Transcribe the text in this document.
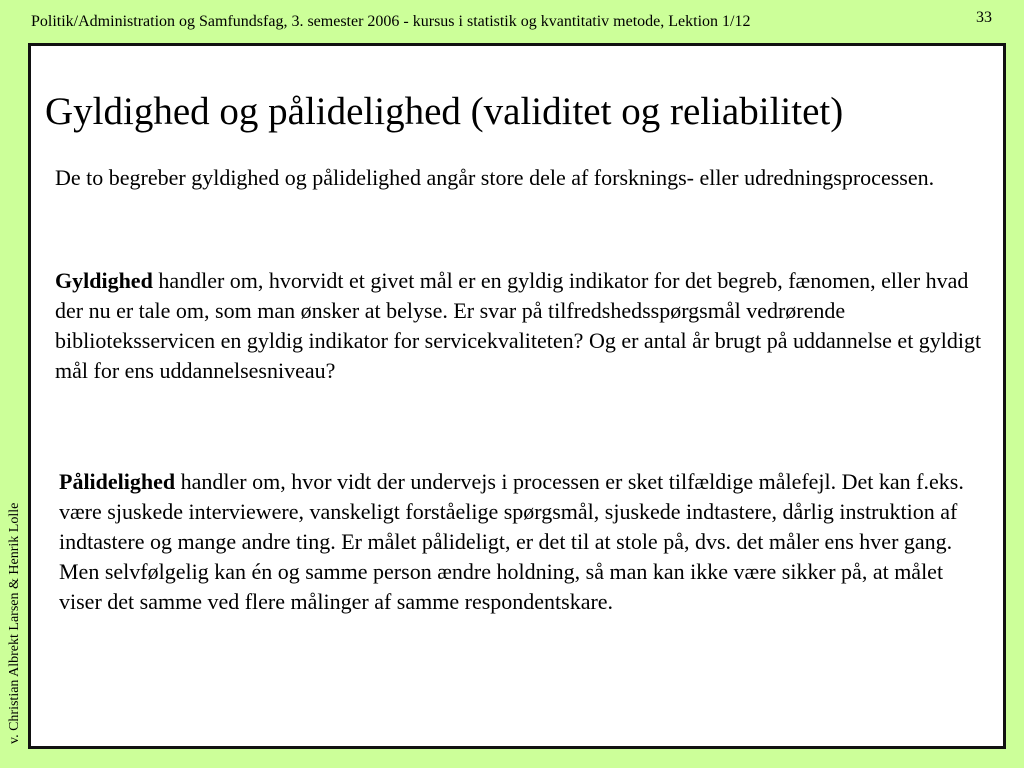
Politik/Administration og Samfundsfag, 3. semester 2006 - kursus i statistik og kvantitativ metode, Lektion 1/12	33
v. Christian Albrekt Larsen & Henrik Lolle
Gyldighed og pålidelighed (validitet og reliabilitet)

De to begreber gyldighed og pålidelighed angår store dele af forsknings- eller udredningsprocessen.

Gyldighed handler om, hvorvidt et givet mål er en gyldig indikator for det begreb, fænomen, eller hvad der nu er tale om, som man ønsker at belyse. Er svar på tilfredshedsspørgsmål vedrørende biblioteksservicen en gyldig indikator for servicekvaliteten? Og er antal år brugt på uddannelse et gyldigt mål for ens uddannelsesniveau?

Pålidelighed handler om, hvor vidt der undervejs i processen er sket tilfældige målefejl. Det kan f.eks. være sjuskede interviewere, vanskeligt forståelige spørgsmål, sjuskede indtastere, dårlig instruktion af indtastere og mange andre ting. Er målet pålideligt, er det til at stole på, dvs. det måler ens hver gang. Men selvfølgelig kan én og samme person ændre holdning, så man kan ikke være sikker på, at målet viser det samme ved flere målinger af samme respondentskare.
